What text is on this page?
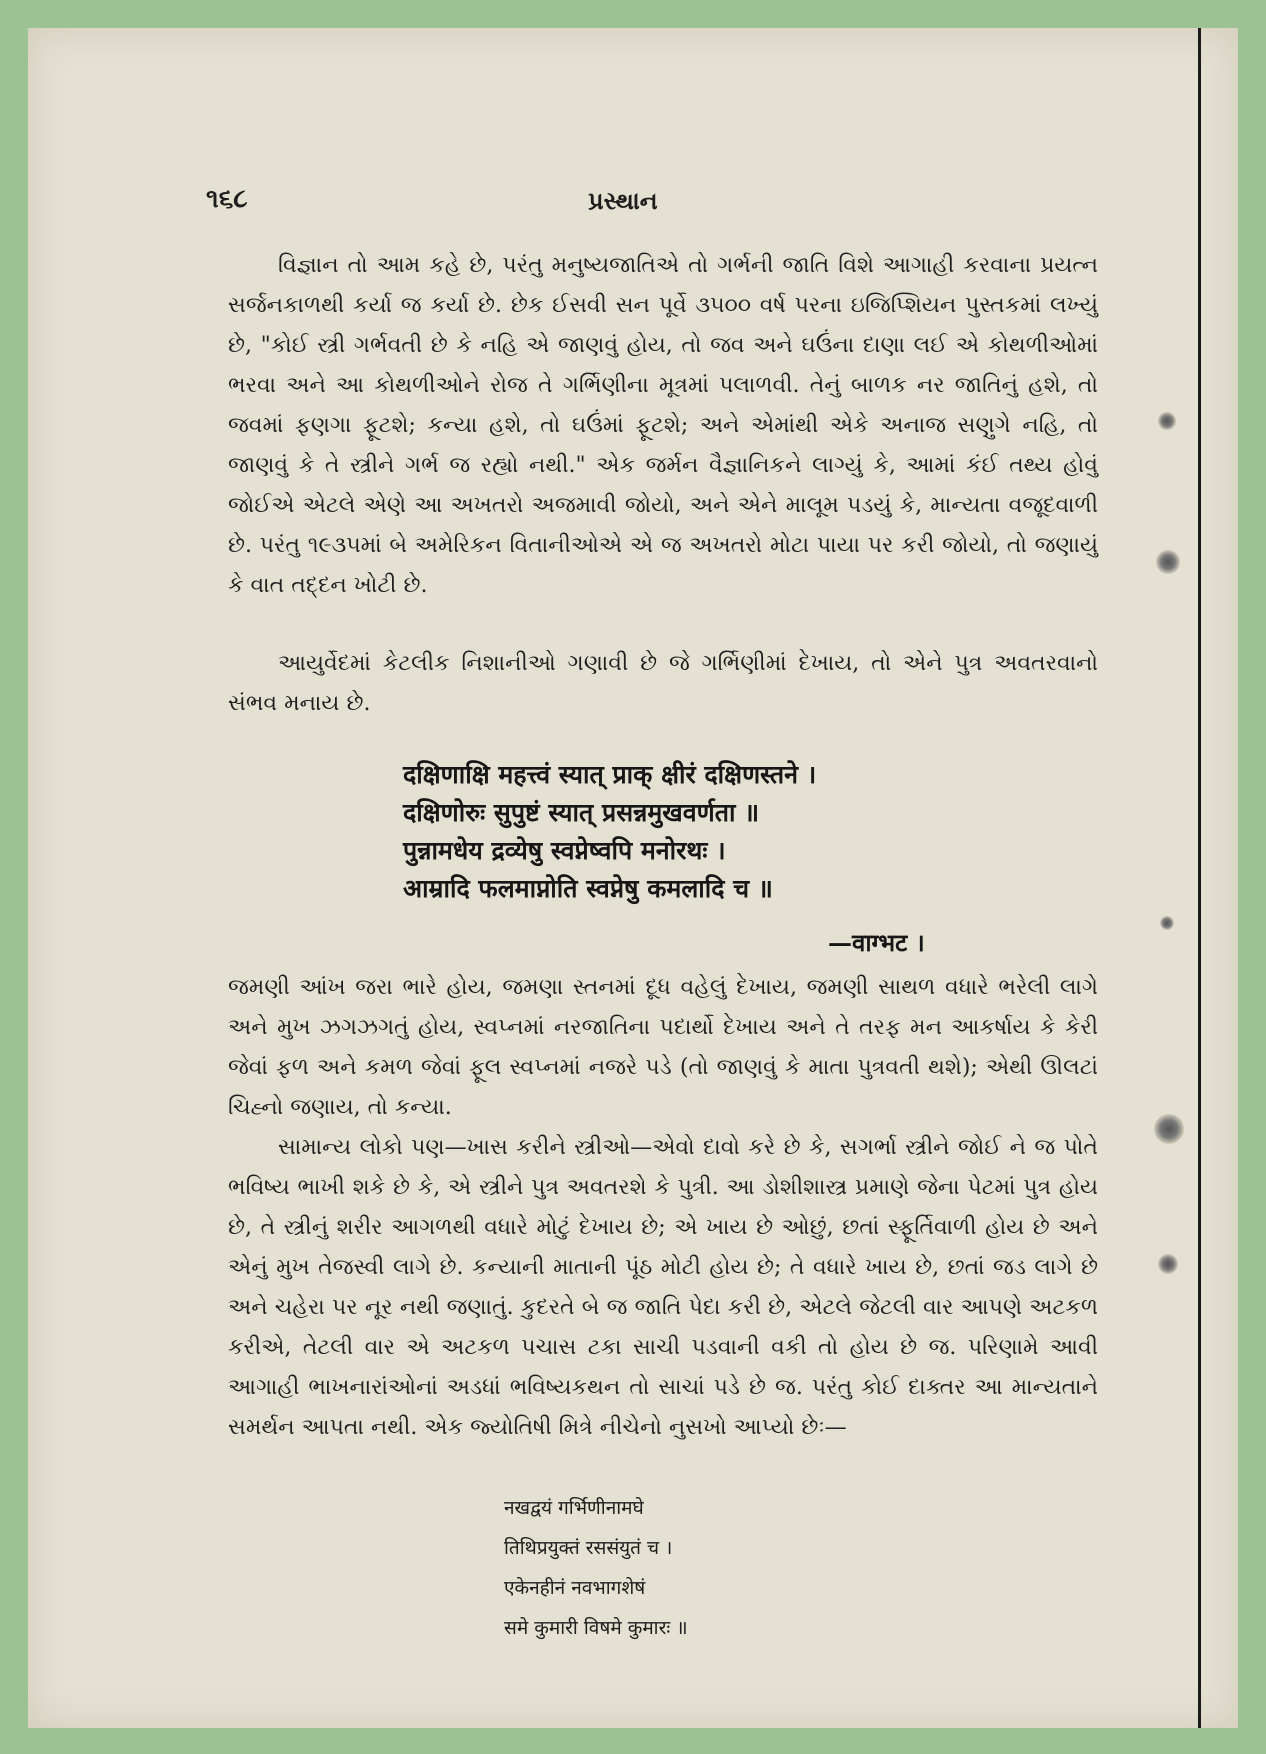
૧૬૮	પ્રસ્થાન

વિજ્ઞાન તો આમ કહે છે, પરંતુ મનુષ્યજાતિએ તો ગર્ભની જાતિ વિશે આગાહી કરવાના પ્રયત્ન સર્જનકાળથી કર્યા જ કર્યા છે. છેક ઈસવી સન પૂર્વે ૩૫૦૦ વર્ષ પરના ઇજિપ્શિયન પુસ્તકમાં લખ્યું છે, "કોઈ સ્ત્રી ગર્ભવતી છે કે નહિ એ જાણવું હોય, તો જવ અને ઘઉંના દાણા લઈ એ કોથળીઓમાં ભરવા અને આ કોથળીઓને રોજ તે ગર્ભિણીના મૂત્રમાં પલાળવી. તેનું બાળક નર જાતિનું હશે, તો જવમાં ફણગા ફૂટશે; કન્યા હશે, તો ઘઉંમાં ફૂટશે; અને એમાંથી એકે અનાજ સણુગે નહિ, તો જાણવું કે તે સ્ત્રીને ગર્ભ જ રહ્યો નથી." એક જર્મન વૈજ્ઞાનિકને લાગ્યું કે, આમાં કંઈ તથ્ય હોવું જોઈએ એટલે એણે આ અખતરો અજમાવી જોયો, અને એને માલૂમ પડયું કે, માન્યતા વજૂદવાળી છે. પરંતુ ૧૯૩૫માં બે અમેરિકન વિતાનીઓએ એ જ અખતરો મોટા પાયા પર કરી જોયો, તો જણાયું કે વાત તદ્દન ખોટી છે.

આયુર્વેદમાં કેટલીક નિશાનીઓ ગણાવી છે જે ગર્ભિણીમાં દેખાય, તો એને પુત્ર અવતરવાનો સંભવ મનાય છે.

दक्षिणाक्षि महत्त्वं स्यात् प्राक् क्षीरं दक्षिणस्तने ।
दक्षिणोरुः सुपुष्टं स्यात् प्रसन्नमुखवर्णता ॥
पुन्नामधेय द्रव्येषु स्वप्नेष्वपि मनोरथः ।
आम्रादि फलमाप्नोति स्वप्नेषु कमलादि च ॥
—वाग्भट ।

જમણી આંખ જરા ભારે હોય, જમણા સ્તનમાં દૂધ વહેલું દેખાય, જમણી સાથળ વધારે ભરેલી લાગે અને મુખ ઝગઝગતું હોય, સ્વપ્નમાં નરજાતિના પદાર્થો દેખાય અને તે તરફ મન આકર્ષાય કે કેરી જેવાં ફળ અને કમળ જેવાં ફૂલ સ્વપ્નમાં નજરે પડે (તો જાણવું કે માતા પુત્રવતી થશે); એથી ઊલટાં ચિહ્નો જણાય, તો કન્યા.

સામાન્ય લોકો પણ—ખાસ કરીને સ્ત્રીઓ—એવો દાવો કરે છે કે, સગર્ભા સ્ત્રીને જોઈ ને જ પોતે ભવિષ્ય ભાખી શકે છે કે, એ સ્ત્રીને પુત્ર અવતરશે કે પુત્રી. આ ડોશીશાસ્ત્ર પ્રમાણે જેના પેટમાં પુત્ર હોય છે, તે સ્ત્રીનું શરીર આગળથી વધારે મોટું દેખાય છે; એ ખાય છે ઓછું, છતાં સ્ફૂર્તિવાળી હોય છે અને એનું મુખ તેજસ્વી લાગે છે. કન્યાની માતાની પૂંઠ મોટી હોય છે; તે વધારે ખાય છે, છતાં જડ લાગે છે અને ચહેરા પર નૂર નથી જણાતું. કુદરતે બે જ જાતિ પેદા કરી છે, એટલે જેટલી વાર આપણે અટકળ કરીએ, તેટલી વાર એ અટકળ પચાસ ટકા સાચી પડવાની વકી તો હોય છે જ. પરિણામે આવી આગાહી ભાખનારાંઓનાં અડધાં ભવિષ્યકથન તો સાચાં પડે છે જ. પરંતુ કોઈ દાક્તર આ માન્યતાને સમર્થન આપતા નથી. એક જ્યોતિષી મિત્રે નીચેનો નુસખો આપ્યો છેઃ—

नखद्वयं गर्भिणीनामघे
तिथिप्रयुक्तं रससंयुतं च ।
एकेनहीनं नवभागशेषं
समे कुमारी विषमे कुमारः ॥
